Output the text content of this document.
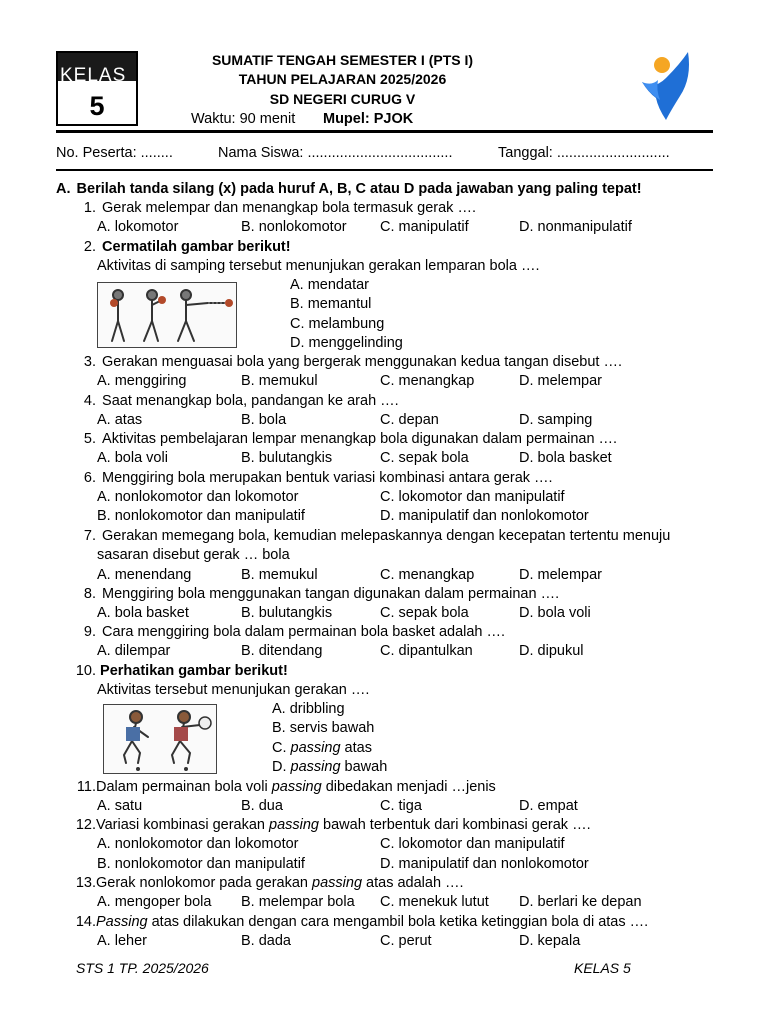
KELAS
5
SUMATIF TENGAH SEMESTER I (PTS I)
TAHUN PELAJARAN 2025/2026
SD NEGERI CURUG V
Waktu: 90 menit Mupel: PJOK
No. Peserta: ........	Nama Siswa: ....................................	Tanggal: ............................
A. Berilah tanda silang (x) pada huruf A, B, C atau D pada jawaban yang paling tepat!
1. Gerak melempar dan menangkap bola termasuk gerak ….
A. lokomotor	B. nonlokomotor C. manipulatif	D. nonmanipulatif
2. Cermatilah gambar berikut!
Aktivitas di samping tersebut menunjukan gerakan lemparan bola ….
A. mendatar
B. memantul
C. melambung
D. menggelinding
3. Gerakan menguasai bola yang bergerak menggunakan kedua tangan disebut ….
A. menggiring	B. memukul	C. menangkap	D. melempar
4. Saat menangkap bola, pandangan ke arah ….
A. atas	B. bola	C. depan	D. samping
5. Aktivitas pembelajaran lempar menangkap bola digunakan dalam permainan ….
A. bola voli	B. bulutangkis	C. sepak bola	D. bola basket
6. Menggiring bola merupakan bentuk variasi kombinasi antara gerak ….
A. nonlokomotor dan lokomotor	C. lokomotor dan manipulatif
B. nonlokomotor dan manipulatif	D. manipulatif dan nonlokomotor
7. Gerakan memegang bola, kemudian melepaskannya dengan kecepatan tertentu menuju
sasaran disebut gerak … bola
A. menendang	B. memukul	C. menangkap	D. melempar
8. Menggiring bola menggunakan tangan digunakan dalam permainan ….
A. bola basket	B. bulutangkis	C. sepak bola	D. bola voli
9. Cara menggiring bola dalam permainan bola basket adalah ….
A. dilempar	B. ditendang	C. dipantulkan	D. dipukul
10. Perhatikan gambar berikut!
Aktivitas tersebut menunjukan gerakan ….
A. dribbling
B. servis bawah
C. passing atas
D. passing bawah
11.Dalam permainan bola voli passing dibedakan menjadi …jenis
A. satu	B. dua	C. tiga	D. empat
12.Variasi kombinasi gerakan passing bawah terbentuk dari kombinasi gerak ….
A. nonlokomotor dan lokomotor	C. lokomotor dan manipulatif
B. nonlokomotor dan manipulatif	D. manipulatif dan nonlokomotor
13.Gerak nonlokomor pada gerakan passing atas adalah ….
A. mengoper bola B. melempar bola C. menekuk lutut D. berlari ke depan
14.Passing atas dilakukan dengan cara mengambil bola ketika ketinggian bola di atas ….
A. leher	B. dada	C. perut	D. kepala
STS 1 TP. 2025/2026	KELAS 5
